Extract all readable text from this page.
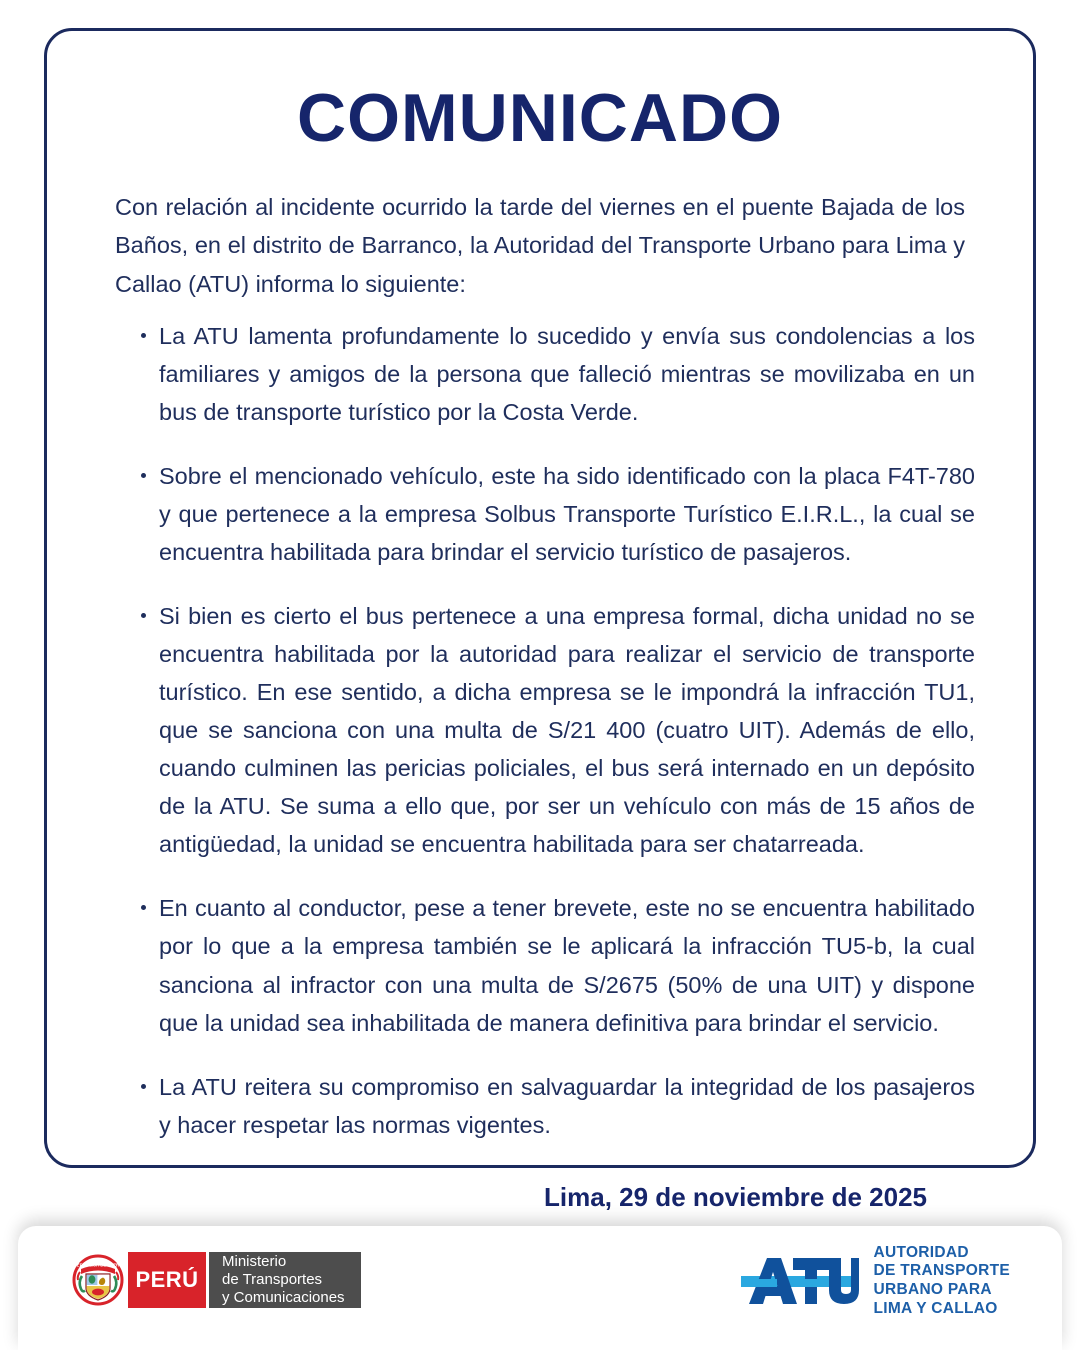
COMUNICADO

Con relación al incidente ocurrido la tarde del viernes en el puente Bajada de los Baños, en el distrito de Barranco, la Autoridad del Transporte Urbano para Lima y Callao (ATU) informa lo siguiente:

La ATU lamenta profundamente lo sucedido y envía sus condolencias a los familiares y amigos de la persona que falleció mientras se movilizaba en un bus de transporte turístico por la Costa Verde.
Sobre el mencionado vehículo, este ha sido identificado con la placa F4T-780 y que pertenece a la empresa Solbus Transporte Turístico E.I.R.L., la cual se encuentra habilitada para brindar el servicio turístico de pasajeros.
Si bien es cierto el bus pertenece a una empresa formal, dicha unidad no se encuentra habilitada por la autoridad para realizar el servicio de transporte turístico. En ese sentido, a dicha empresa se le impondrá la infracción TU1, que se sanciona con una multa de S/21 400 (cuatro UIT). Además de ello, cuando culminen las pericias policiales, el bus será internado en un depósito de la ATU. Se suma a ello que, por ser un vehículo con más de 15 años de antigüedad, la unidad se encuentra habilitada para ser chatarreada.
En cuanto al conductor, pese a tener brevete, este no se encuentra habilitado por lo que a la empresa también se le aplicará la infracción TU5-b, la cual sanciona al infractor con una multa de S/2675 (50% de una UIT) y dispone que la unidad sea inhabilitada de manera definitiva para brindar el servicio.
La ATU reitera su compromiso en salvaguardar la integridad de los pasajeros y hacer respetar las normas vigentes.
Lima, 29 de noviembre de 2025
REPÚBLICA DEL PERÚ
PERÚ
Ministerio
de Transportes
y Comunicaciones
AUTORIDAD
DE TRANSPORTE
URBANO PARA
LIMA Y CALLAO
